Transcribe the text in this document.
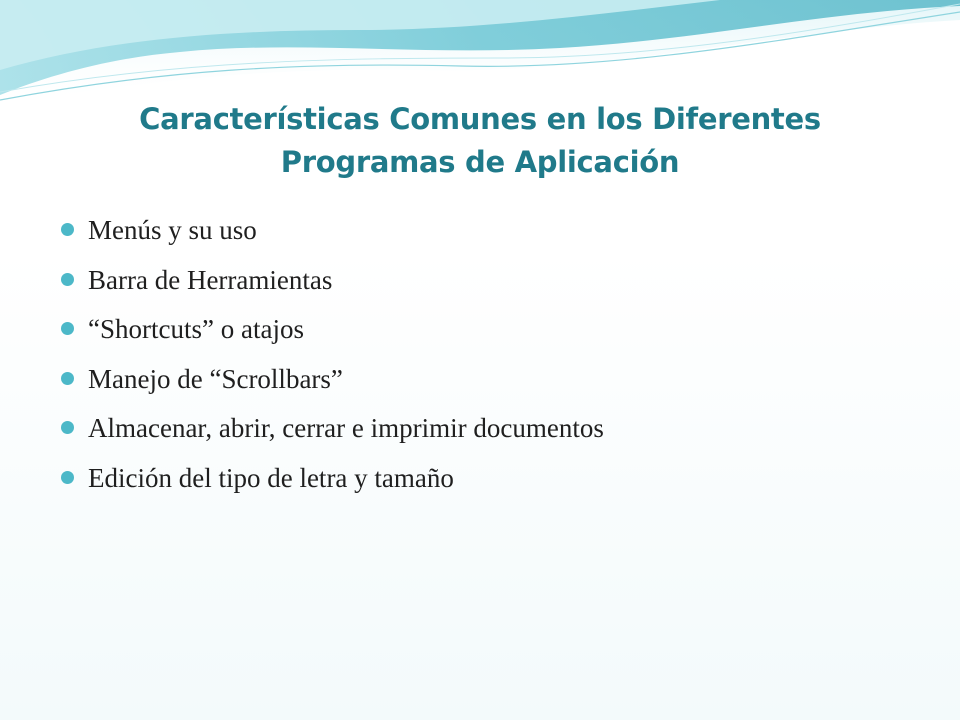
Características Comunes en los Diferentes
Programas de Aplicación
Menús y su uso
Barra de Herramientas
“Shortcuts” o atajos
Manejo de “Scrollbars”
Almacenar, abrir, cerrar e imprimir documentos
Edición del tipo de letra y tamaño
